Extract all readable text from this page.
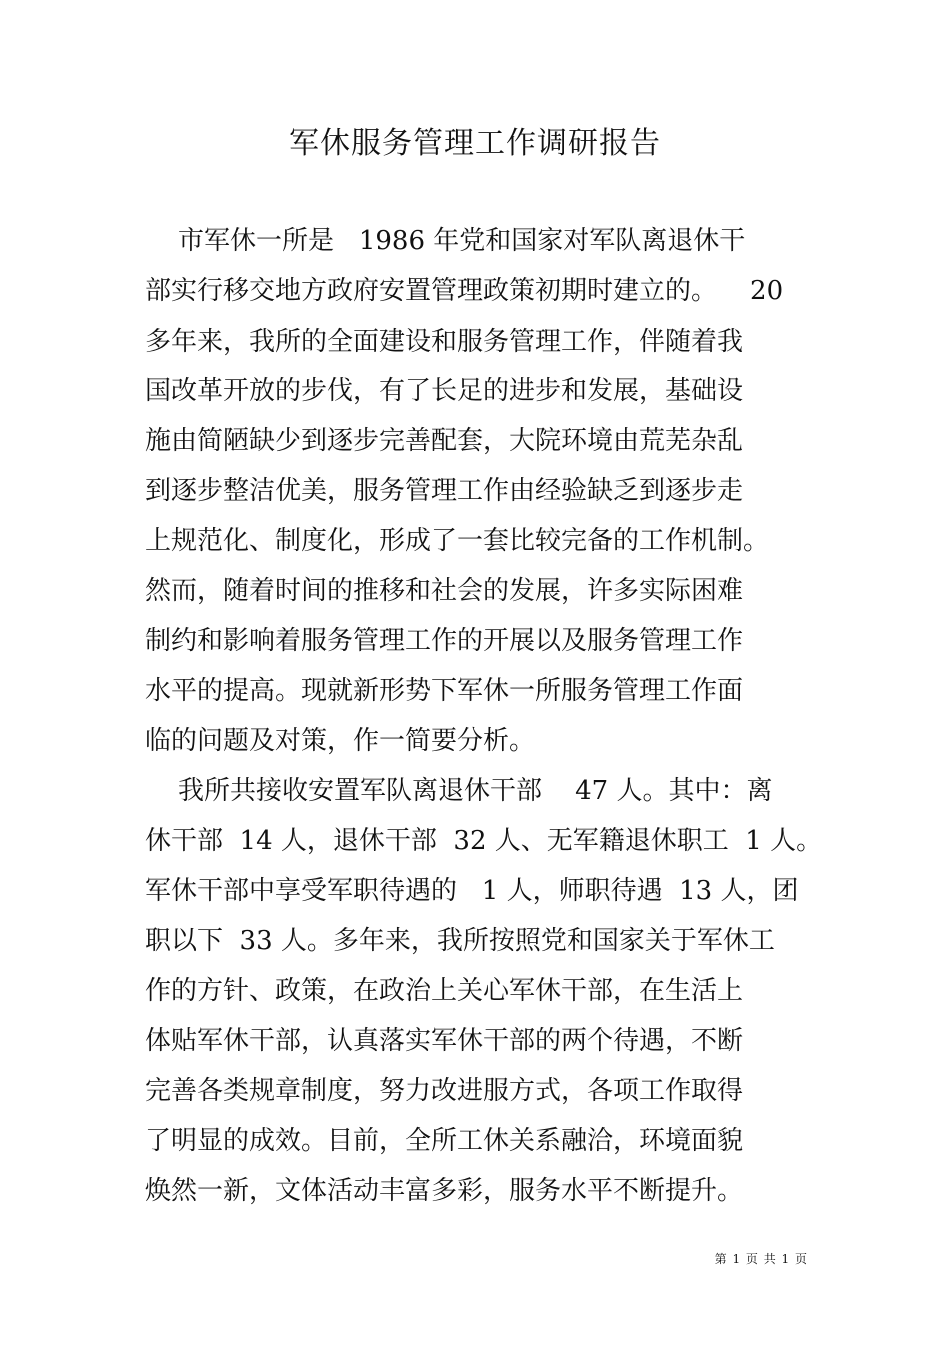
军休服务管理工作调研报告
市军休一所是   1986 年党和国家对军队离退休干
部实行移交地方政府安置管理政策初期时建立的。    20
多年来，我所的全面建设和服务管理工作，伴随着我
国改革开放的步伐，有了长足的进步和发展，基础设
施由简陋缺少到逐步完善配套，大院环境由荒芜杂乱
到逐步整洁优美，服务管理工作由经验缺乏到逐步走
上规范化、制度化，形成了一套比较完备的工作机制。
然而，随着时间的推移和社会的发展，许多实际困难
制约和影响着服务管理工作的开展以及服务管理工作
水平的提高。现就新形势下军休一所服务管理工作面
临的问题及对策，作一简要分析。
我所共接收安置军队离退休干部    47 人。其中：离
休干部  14 人，退休干部  32 人、无军籍退休职工  1 人。
军休干部中享受军职待遇的   1 人，师职待遇  13 人，团
职以下  33 人。多年来，我所按照党和国家关于军休工
作的方针、政策，在政治上关心军休干部，在生活上
体贴军休干部，认真落实军休干部的两个待遇，不断
完善各类规章制度，努力改进服方式，各项工作取得
了明显的成效。目前，全所工休关系融洽，环境面貌
焕然一新，文体活动丰富多彩，服务水平不断提升。
第 1 页 共 1 页
